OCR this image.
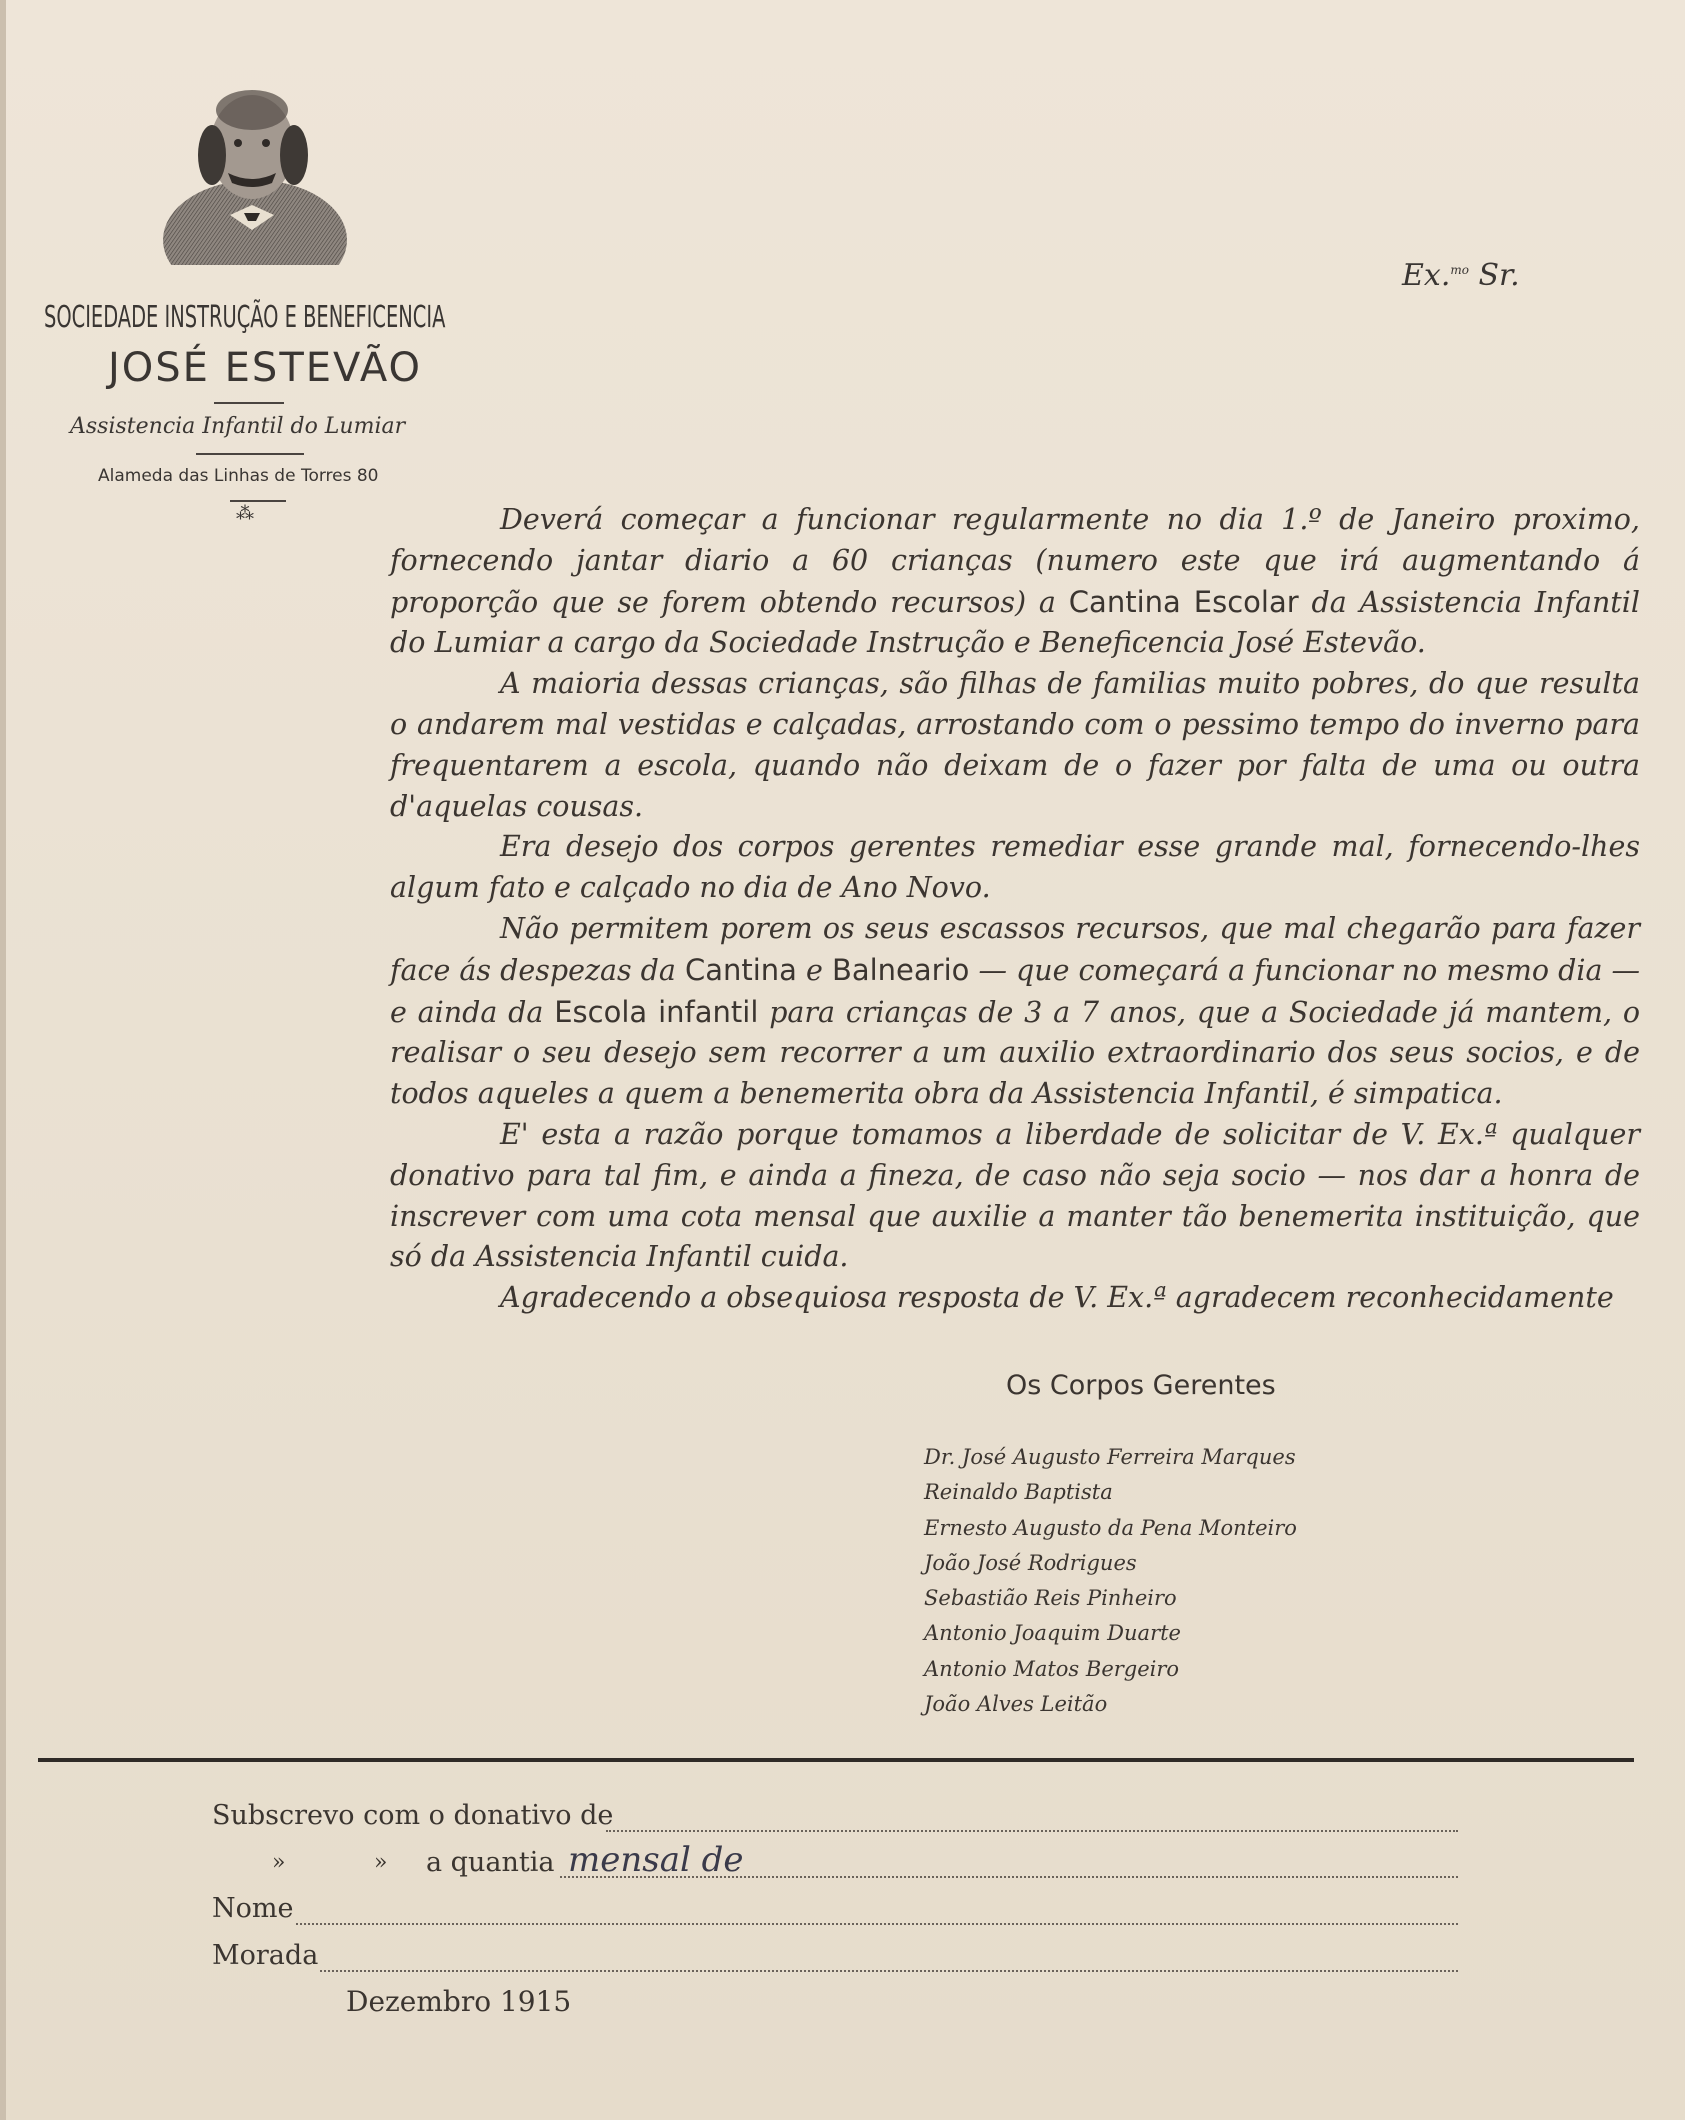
SOCIEDADE INSTRUÇÃO E BENEFICENCIA
JOSÉ ESTEVÃO
Assistencia Infantil do Lumiar
Alameda das Linhas de Torres 80
⁂
Ex.$^{mo}$ Sr.

Deverá começar a funcionar regularmente no dia 1.º de Janeiro proximo, fornecendo jantar diario a 60 crianças (numero este que irá augmentando á proporção que se forem obtendo recursos) a Cantina Escolar da Assistencia Infantil do Lumiar a cargo da Sociedade Instrução e Beneficencia José Estevão.

A maioria dessas crianças, são filhas de familias muito pobres, do que resulta o andarem mal vestidas e calçadas, arrostando com o pessimo tempo do inverno para frequentarem a escola, quando não deixam de o fazer por falta de uma ou outra d'aquelas cousas.

Era desejo dos corpos gerentes remediar esse grande mal, fornecendo-lhes algum fato e calçado no dia de Ano Novo.

Não permitem porem os seus escassos recursos, que mal chegarão para fazer face ás despezas da Cantina e Balneario — que começará a funcionar no mesmo dia — e ainda da Escola infantil para crianças de 3 a 7 anos, que a Sociedade já mantem, o realisar o seu desejo sem recorrer a um auxilio extraordinario dos seus socios, e de todos aqueles a quem a benemerita obra da Assistencia Infantil, é simpatica.

E' esta a razão porque tomamos a liberdade de solicitar de V. Ex.ª qualquer donativo para tal fim, e ainda a fineza, de caso não seja socio — nos dar a honra de inscrever com uma cota mensal que auxilie a manter tão benemerita instituição, que só da Assistencia Infantil cuida.

Agradecendo a obsequiosa resposta de V. Ex.ª agradecem reconhecidamente

Os Corpos Gerentes
Dr. José Augusto Ferreira Marques
Reinaldo Baptista
Ernesto Augusto da Pena Monteiro
João José Rodrigues
Sebastião Reis Pinheiro
Antonio Joaquim Duarte
Antonio Matos Bergeiro
João Alves Leitão
Subscrevo com o donativo de
»	» a quantia mensal de
Nome
Morada
Dezembro 1915
